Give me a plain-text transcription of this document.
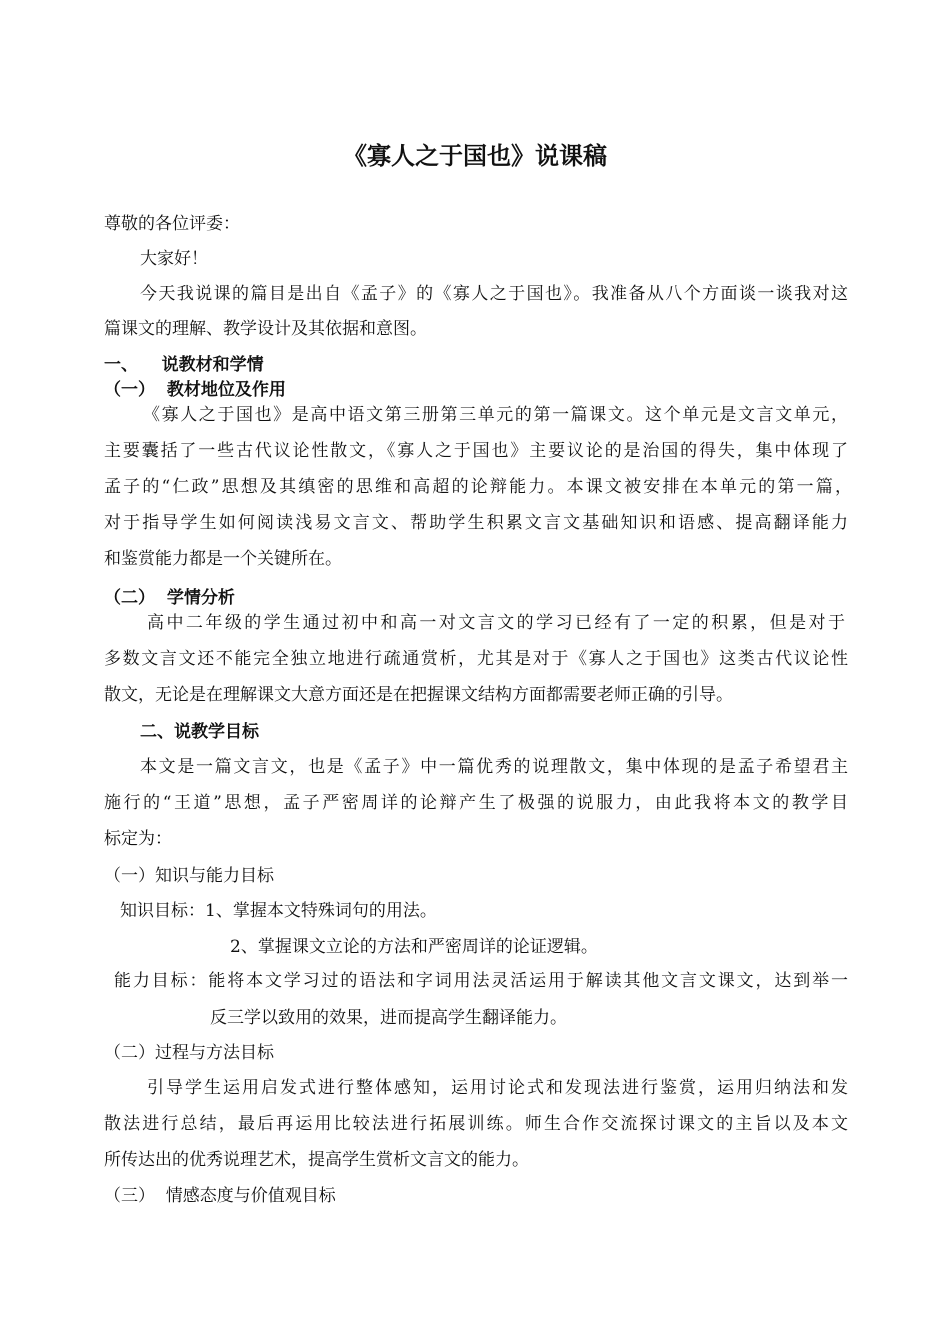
《寡人之于国也》说课稿
尊敬的各位评委：
大家好！
今天我说课的篇目是出自《孟子》的《寡人之于国也》。我准备从八个方面谈一谈我对这
篇课文的理解、教学设计及其依据和意图。
一、    说教材和学情
（一）  教材地位及作用
《寡人之于国也》是高中语文第三册第三单元的第一篇课文。这个单元是文言文单元，
主要囊括了一些古代议论性散文，《寡人之于国也》主要议论的是治国的得失，集中体现了
孟子的“仁政”思想及其缜密的思维和高超的论辩能力。本课文被安排在本单元的第一篇，
对于指导学生如何阅读浅易文言文、帮助学生积累文言文基础知识和语感、提高翻译能力
和鉴赏能力都是一个关键所在。
（二）  学情分析
高中二年级的学生通过初中和高一对文言文的学习已经有了一定的积累，但是对于
多数文言文还不能完全独立地进行疏通赏析，尤其是对于《寡人之于国也》这类古代议论性
散文，无论是在理解课文大意方面还是在把握课文结构方面都需要老师正确的引导。
二、说教学目标
本文是一篇文言文，也是《孟子》中一篇优秀的说理散文，集中体现的是孟子希望君主
施行的“王道”思想，孟子严密周详的论辩产生了极强的说服力，由此我将本文的教学目
标定为：
（一）知识与能力目标
知识目标：1、掌握本文特殊词句的用法。
2、掌握课文立论的方法和严密周详的论证逻辑。
能力目标：能将本文学习过的语法和字词用法灵活运用于解读其他文言文课文，达到举一
反三学以致用的效果，进而提高学生翻译能力。
（二）过程与方法目标
引导学生运用启发式进行整体感知，运用讨论式和发现法进行鉴赏，运用归纳法和发
散法进行总结，最后再运用比较法进行拓展训练。师生合作交流探讨课文的主旨以及本文
所传达出的优秀说理艺术，提高学生赏析文言文的能力。
（三）  情感态度与价值观目标
